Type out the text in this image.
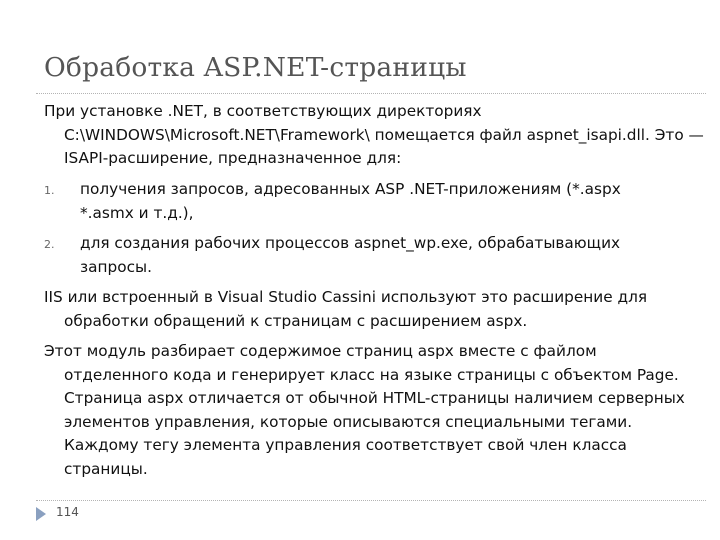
Обработка ASP.NET-страницы
При установке .NET, в соответствующих директориях C:\WINDOWS\Microsoft.NET\Framework\ помещается файл aspnet_isapi.dll. Это — ISAPI-расширение, предназначенное для:
1. получения запросов, адресованных ASP .NET-приложениям (*.aspx
*.asmx и т.д.),
2. для создания рабочих процессов aspnet_wp.exe, обрабатывающих
запросы.
IIS или встроенный в Visual Studio Cassini используют это расширение для обработки обращений к страницам с расширением aspx.
Этот модуль разбирает содержимое страниц aspx вместе с файлом отделенного кода и генерирует класс на языке страницы с объектом Page. Страница aspx отличается от обычной HTML-страницы наличием серверных элементов управления, которые описываются специальными тегами. Каждому тегу элемента управления соответствует свой член класса страницы.
114
